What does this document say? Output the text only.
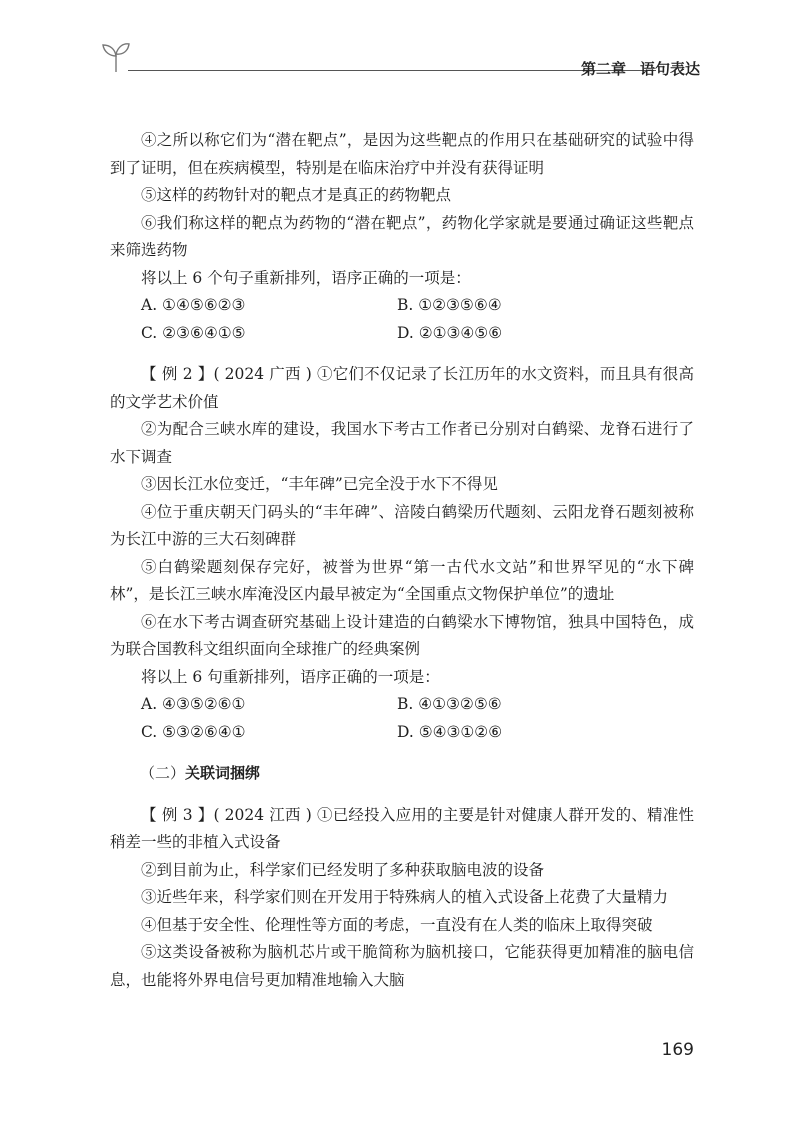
第二章 语句表达

④之所以称它们为“潜在靶点”，是因为这些靶点的作用只在基础研究的试验中得到了证明，但在疾病模型，特别是在临床治疗中并没有获得证明

⑤这样的药物针对的靶点才是真正的药物靶点

⑥我们称这样的靶点为药物的“潜在靶点”，药物化学家就是要通过确证这些靶点来筛选药物

将以上 6 个句子重新排列，语序正确的一项是：

A. ①④⑤⑥②③	B. ①②③⑤⑥④
C. ②③⑥④①⑤	D. ②①③④⑤⑥

【 例 2 】( 2024 广西 ) ①它们不仅记录了长江历年的水文资料，而且具有很高的文学艺术价值

②为配合三峡水库的建设，我国水下考古工作者已分别对白鹤梁、龙脊石进行了水下调查

③因长江水位变迁，“丰年碑”已完全没于水下不得见

④位于重庆朝天门码头的“丰年碑”、涪陵白鹤梁历代题刻、云阳龙脊石题刻被称为长江中游的三大石刻碑群

⑤白鹤梁题刻保存完好，被誉为世界“第一古代水文站”和世界罕见的“水下碑林”，是长江三峡水库淹没区内最早被定为“全国重点文物保护单位”的遗址

⑥在水下考古调查研究基础上设计建造的白鹤梁水下博物馆，独具中国特色，成为联合国教科文组织面向全球推广的经典案例

将以上 6 句重新排列，语序正确的一项是：

A. ④③⑤②⑥①	B. ④①③②⑤⑥
C. ⑤③②⑥④①	D. ⑤④③①②⑥

（二）关联词捆绑

【 例 3 】( 2024 江西 ) ①已经投入应用的主要是针对健康人群开发的、精准性稍差一些的非植入式设备

②到目前为止，科学家们已经发明了多种获取脑电波的设备

③近些年来，科学家们则在开发用于特殊病人的植入式设备上花费了大量精力

④但基于安全性、伦理性等方面的考虑，一直没有在人类的临床上取得突破

⑤这类设备被称为脑机芯片或干脆简称为脑机接口，它能获得更加精准的脑电信息，也能将外界电信号更加精准地输入大脑

169
